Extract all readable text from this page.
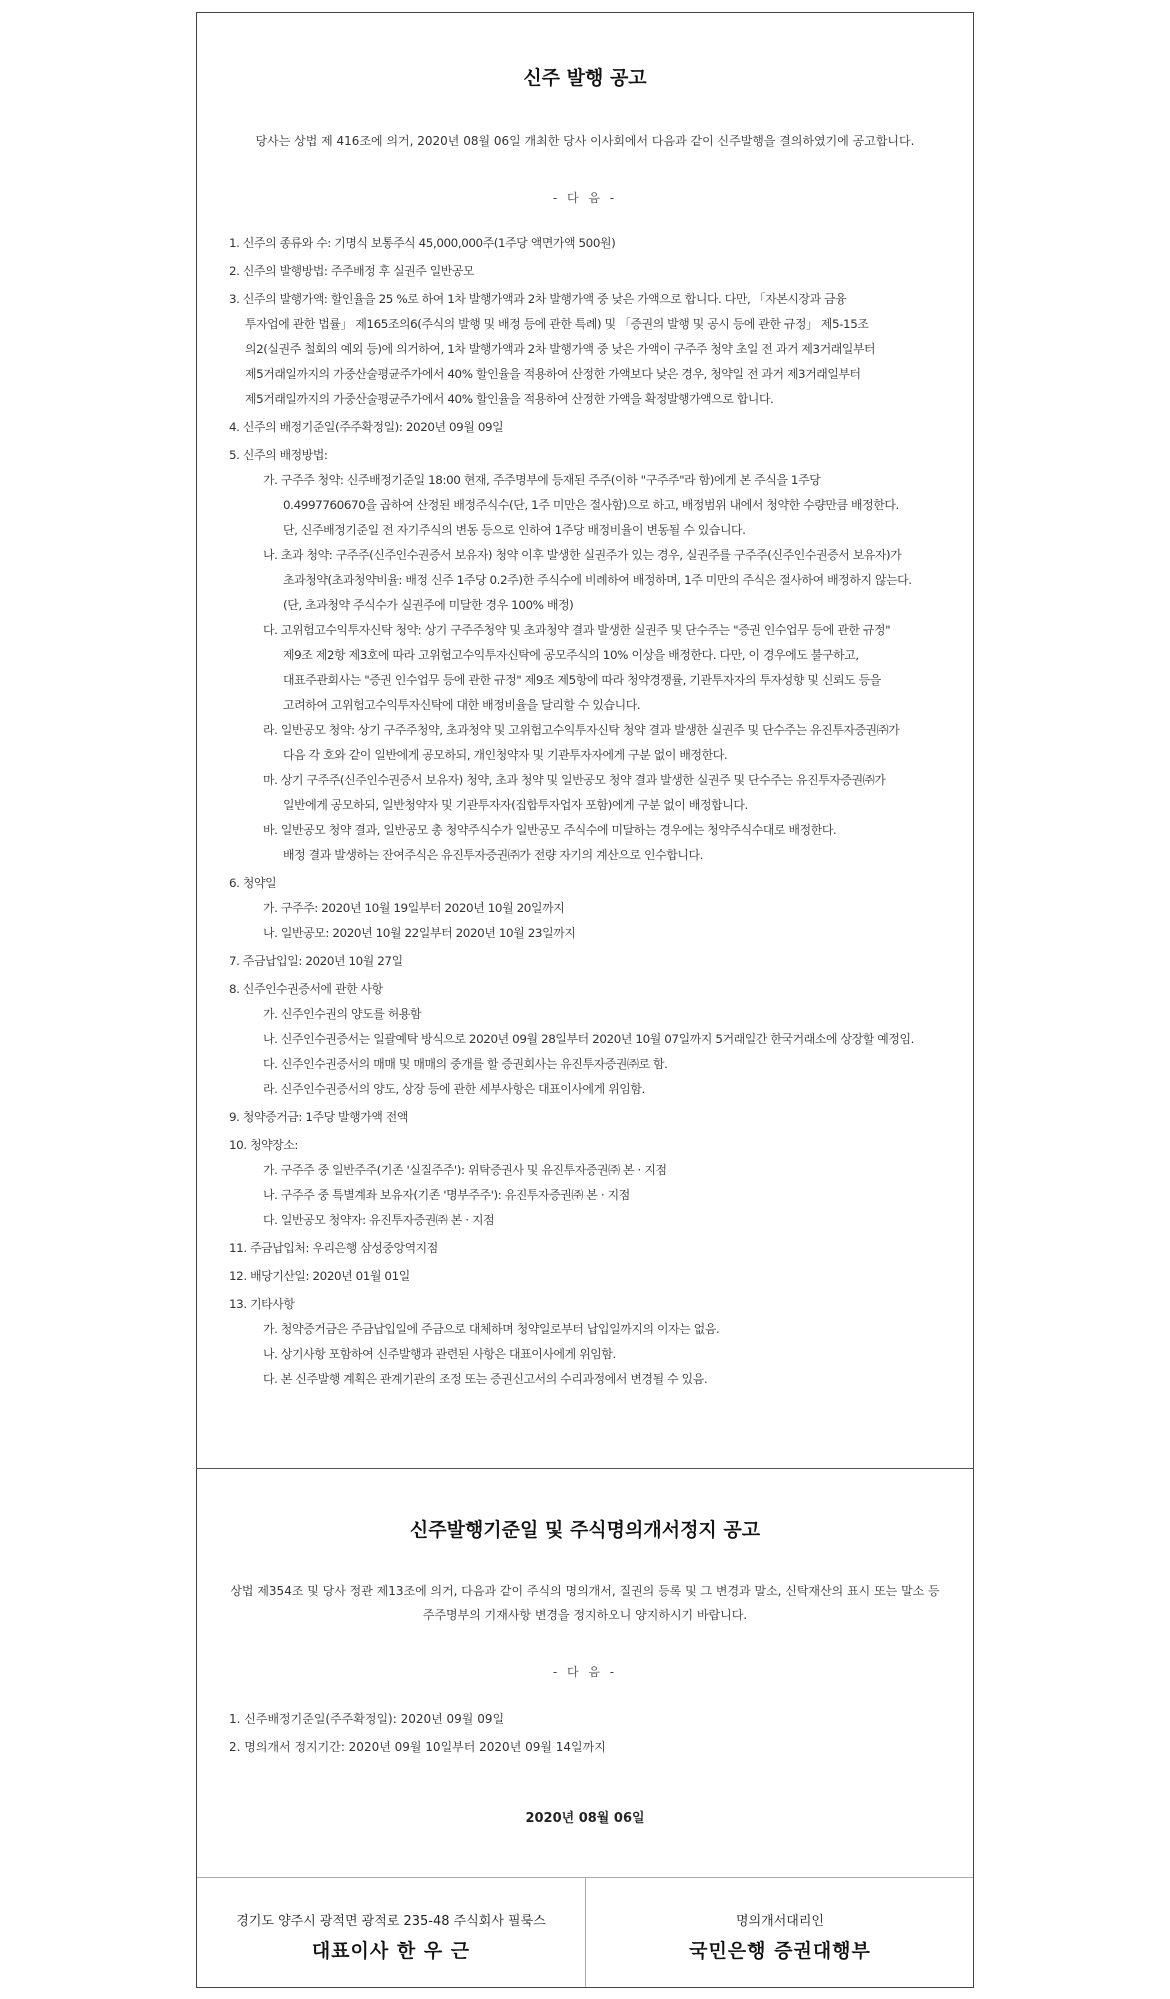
신주 발행 공고
당사는 상법 제 416조에 의거, 2020년 08월 06일 개최한 당사 이사회에서 다음과 같이 신주발행을 결의하였기에 공고합니다.
- 다 음 -
1. 신주의 종류와 수: 기명식 보통주식 45,000,000주(1주당 액면가액 500원)
2. 신주의 발행방법: 주주배정 후 실권주 일반공모
3. 신주의 발행가액: 할인율을 25 %로 하여 1차 발행가액과 2차 발행가액 중 낮은 가액으로 합니다. 다만, 「자본시장과 금융
투자업에 관한 법률」 제165조의6(주식의 발행 및 배정 등에 관한 특례) 및 「증권의 발행 및 공시 등에 관한 규정」 제5-15조
의2(실권주 철회의 예외 등)에 의거하여, 1차 발행가액과 2차 발행가액 중 낮은 가액이 구주주 청약 초일 전 과거 제3거래일부터
제5거래일까지의 가중산술평균주가에서 40% 할인율을 적용하여 산정한 가액보다 낮은 경우, 청약일 전 과거 제3거래일부터
제5거래일까지의 가중산술평균주가에서 40% 할인율을 적용하여 산정한 가액을 확정발행가액으로 합니다.
4. 신주의 배정기준일(주주확정일): 2020년 09월 09일
5. 신주의 배정방법:
가. 구주주 청약: 신주배정기준일 18:00 현재, 주주명부에 등재된 주주(이하 "구주주"라 함)에게 본 주식을 1주당
0.4997760670을 곱하여 산정된 배정주식수(단, 1주 미만은 절사함)으로 하고, 배정범위 내에서 청약한 수량만큼 배정한다.
단, 신주배정기준일 전 자기주식의 변동 등으로 인하여 1주당 배정비율이 변동될 수 있습니다.
나. 초과 청약: 구주주(신주인수권증서 보유자) 청약 이후 발생한 실권주가 있는 경우, 실권주를 구주주(신주인수권증서 보유자)가
초과청약(초과청약비율: 배정 신주 1주당 0.2주)한 주식수에 비례하여 배정하며, 1주 미만의 주식은 절사하여 배정하지 않는다.
(단, 초과청약 주식수가 실권주에 미달한 경우 100% 배정)
다. 고위험고수익투자신탁 청약: 상기 구주주청약 및 초과청약 결과 발생한 실권주 및 단수주는 "증권 인수업무 등에 관한 규정"
제9조 제2항 제3호에 따라 고위험고수익투자신탁에 공모주식의 10% 이상을 배정한다. 다만, 이 경우에도 불구하고,
대표주관회사는 "증권 인수업무 등에 관한 규정" 제9조 제5항에 따라 청약경쟁률, 기관투자자의 투자성향 및 신뢰도 등을
고려하여 고위험고수익투자신탁에 대한 배정비율을 달리할 수 있습니다.
라. 일반공모 청약: 상기 구주주청약, 초과청약 및 고위험고수익투자신탁 청약 결과 발생한 실권주 및 단수주는 유진투자증권㈜가
다음 각 호와 같이 일반에게 공모하되, 개인청약자 및 기관투자자에게 구분 없이 배정한다.
마. 상기 구주주(신주인수권증서 보유자) 청약, 초과 청약 및 일반공모 청약 결과 발생한 실권주 및 단수주는 유진투자증권㈜가
일반에게 공모하되, 일반청약자 및 기관투자자(집합투자업자 포함)에게 구분 없이 배정합니다.
바. 일반공모 청약 결과, 일반공모 총 청약주식수가 일반공모 주식수에 미달하는 경우에는 청약주식수대로 배정한다.
배정 결과 발생하는 잔여주식은 유진투자증권㈜가 전량 자기의 계산으로 인수합니다.
6. 청약일
가. 구주주: 2020년 10월 19일부터 2020년 10월 20일까지
나. 일반공모: 2020년 10월 22일부터 2020년 10월 23일까지
7. 주금납입일: 2020년 10월 27일
8. 신주인수권증서에 관한 사항
가. 신주인수권의 양도를 허용함
나. 신주인수권증서는 일괄예탁 방식으로 2020년 09월 28일부터 2020년 10월 07일까지 5거래일간 한국거래소에 상장할 예정임.
다. 신주인수권증서의 매매 및 매매의 중개를 할 증권회사는 유진투자증권㈜로 함.
라. 신주인수권증서의 양도, 상장 등에 관한 세부사항은 대표이사에게 위임함.
9. 청약증거금: 1주당 발행가액 전액
10. 청약장소:
가. 구주주 중 일반주주(기존 '실질주주'): 위탁증권사 및 유진투자증권㈜ 본 · 지점
나. 구주주 중 특별계좌 보유자(기존 '명부주주'): 유진투자증권㈜ 본 · 지점
다. 일반공모 청약자: 유진투자증권㈜ 본 · 지점
11. 주금납입처: 우리은행 삼성중앙역지점
12. 배당기산일: 2020년 01월 01일
13. 기타사항
가. 청약증거금은 주금납입일에 주금으로 대체하며 청약일로부터 납입일까지의 이자는 없음.
나. 상기사항 포함하여 신주발행과 관련된 사항은 대표이사에게 위임함.
다. 본 신주발행 계획은 관계기관의 조정 또는 증권신고서의 수리과정에서 변경될 수 있음.
신주발행기준일 및 주식명의개서정지 공고
상법 제354조 및 당사 정관 제13조에 의거, 다음과 같이 주식의 명의개서, 질권의 등록 및 그 변경과 말소, 신탁재산의 표시 또는 말소 등
주주명부의 기재사항 변경을 정지하오니 양지하시기 바랍니다.
- 다 음 -
1. 신주배정기준일(주주확정일): 2020년 09월 09일
2. 명의개서 정지기간: 2020년 09월 10일부터 2020년 09월 14일까지
2020년 08월 06일
경기도 양주시 광적면 광적로 235-48 주식회사 필룩스
대표이사 한 우 근
명의개서대리인
국민은행 증권대행부
